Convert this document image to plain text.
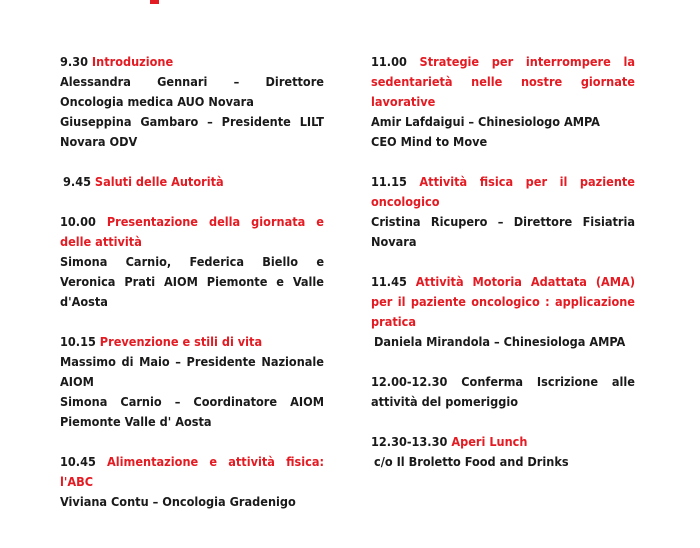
9.30 Introduzione
Alessandra Gennari – Direttore Oncologia medica AUO Novara
Giuseppina Gambaro – Presidente LILT Novara ODV
9.45 Saluti delle Autorità
10.00 Presentazione della giornata e delle attività
Simona Carnio, Federica Biello e Veronica Prati AIOM Piemonte e Valle d'Aosta
10.15 Prevenzione e stili di vita
Massimo di Maio – Presidente Nazionale AIOM
Simona Carnio – Coordinatore AIOM Piemonte Valle d' Aosta
10.45 Alimentazione e attività fisica: l'ABC
Viviana Contu – Oncologia Gradenigo
11.00 Strategie per interrompere la sedentarietà nelle nostre giornate lavorative
Amir Lafdaigui – Chinesiologo AMPA
CEO Mind to Move
11.15 Attività fisica per il paziente oncologico
Cristina Ricupero – Direttore Fisiatria Novara
11.45 Attività Motoria Adattata (AMA) per il paziente oncologico : applicazione pratica
Daniela Mirandola – Chinesiologa AMPA
12.00-12.30 Conferma Iscrizione alle attività del pomeriggio
12.30-13.30 Aperi Lunch
c/o Il Broletto Food and Drinks
